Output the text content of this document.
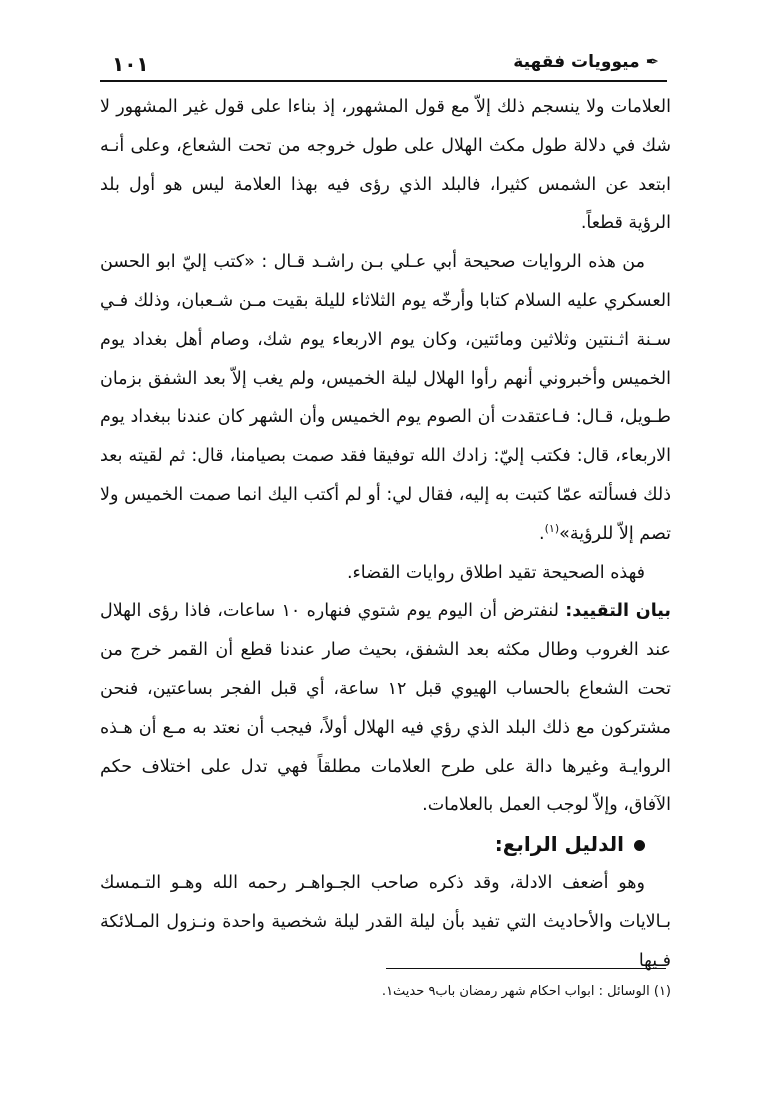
١٠١	✒ميوويات فقهية

العلامات ولا ينسجم ذلك إلاّ مع قول المشهور، إذ بناءا على قول غير المشهور لا شك في دلالة طول مكث الهلال على طول خروجه من تحت الشعاع، وعلى أنـه ابتعد عن الشمس كثيرا، فالبلد الذي رؤى فيه بهذا العلامة ليس هو أول بلد الرؤية قطعاً.

من هذه الروايات صحيحة أبي عـلي بـن راشـد قـال : «كتب إليّ ابو الحسن العسكري عليه السلام كتابا وأرخّه يوم الثلاثاء لليلة بقيت مـن شـعبان، وذلك فـي سـنة اثـنتين وثلاثين ومائتين، وكان يوم الاربعاء يوم شك، وصام أهل بغداد يوم الخميس وأخبروني أنهم رأوا الهلال ليلة الخميس، ولم يغب إلاّ بعد الشفق بزمان طـويل، قـال: فـاعتقدت أن الصوم يوم الخميس وأن الشهر كان عندنا ببغداد يوم الاربعاء، قال: فكتب إليّ: زادك الله توفيقا فقد صمت بصيامنا، قال: ثم لقيته بعد ذلك فسألته عمّا كتبت به إليه، فقال لي: أو لم أكتب اليك انما صمت الخميس ولا تصم إلاّ للرؤية»$^{(١)}$.

فهذه الصحيحة تقيد اطلاق روايات القضاء.

بيان التقييد: لنفترض أن اليوم يوم شتوي فنهاره ١٠ ساعات، فاذا رؤى الهلال عند الغروب وطال مكثه بعد الشفق، بحيث صار عندنا قطع أن القمر خرج من تحت الشعاع بالحساب الهيوي قبل ١٢ ساعة، أي قبل الفجر بساعتين، فنحن مشتركون مع ذلك البلد الذي رؤي فيه الهلال أولاً، فيجب أن نعتد به مـع أن هـذه الروايـة وغيرها دالة على طرح العلامات مطلقاً فهي تدل على اختلاف حكم الآفاق، وإلاّ لوجب العمل بالعلامات.

الدليل الرابع:

وهو أضعف الادلة، وقد ذكره صاحب الجـواهـر رحمه الله وهـو التـمسك بـالايات والأحاديث التي تفيد بأن ليلة القدر ليلة شخصية واحدة ونـزول المـلائكة فـيها

(١) الوسائل : ابواب احكام شهر رمضان باب٩ حديث١.
